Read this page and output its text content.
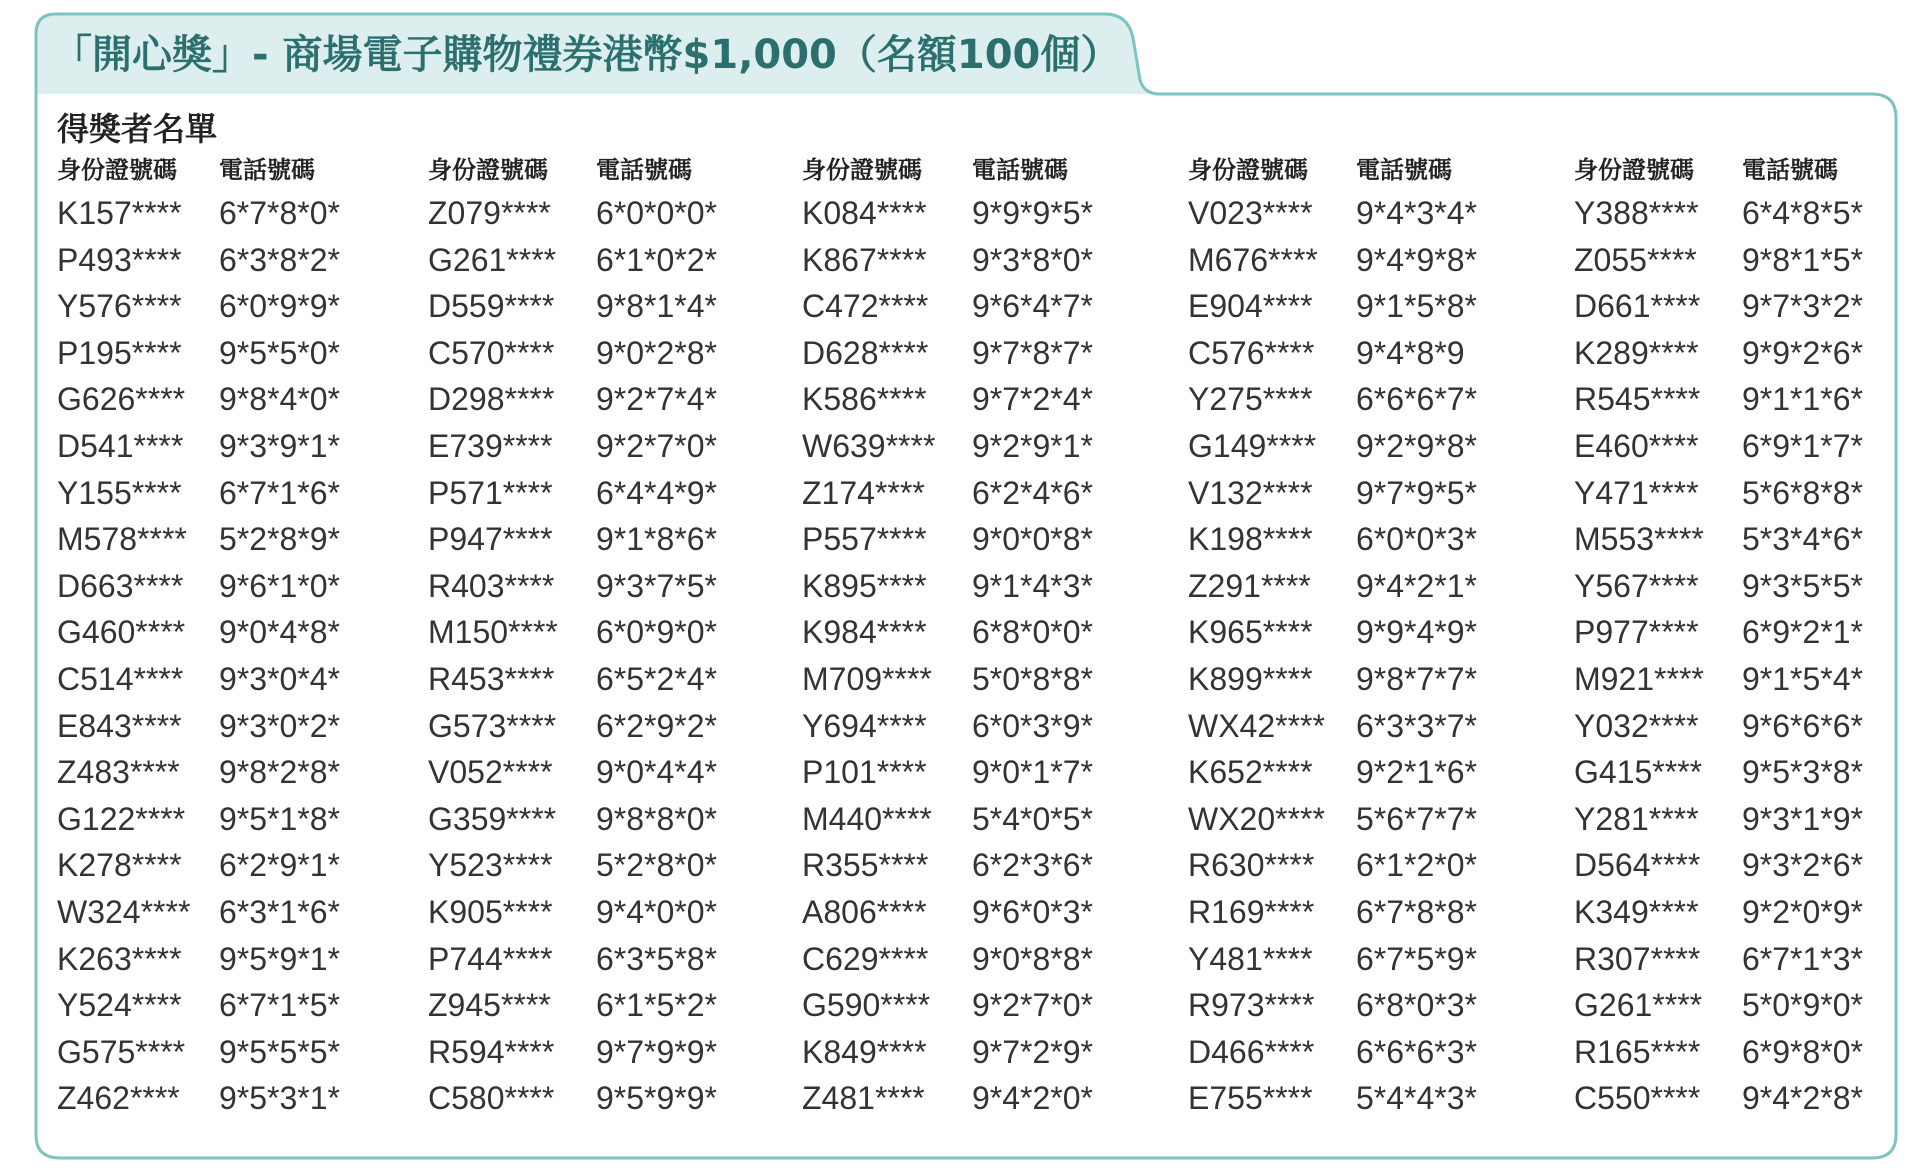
「開心獎」- 商場電子購物禮券港幣$1,000（名額100個）
得獎者名單
身份證號碼 電話號碼
K157**** 6*7*8*0*
P493**** 6*3*8*2*
Y576**** 6*0*9*9*
P195**** 9*5*5*0*
G626**** 9*8*4*0*
D541**** 9*3*9*1*
Y155**** 6*7*1*6*
M578**** 5*2*8*9*
D663**** 9*6*1*0*
G460**** 9*0*4*8*
C514**** 9*3*0*4*
E843**** 9*3*0*2*
Z483**** 9*8*2*8*
G122**** 9*5*1*8*
K278**** 6*2*9*1*
W324**** 6*3*1*6*
K263**** 9*5*9*1*
Y524**** 6*7*1*5*
G575**** 9*5*5*5*
Z462**** 9*5*3*1*
身份證號碼 電話號碼
Z079**** 6*0*0*0*
G261**** 6*1*0*2*
D559**** 9*8*1*4*
C570**** 9*0*2*8*
D298**** 9*2*7*4*
E739**** 9*2*7*0*
P571**** 6*4*4*9*
P947**** 9*1*8*6*
R403**** 9*3*7*5*
M150**** 6*0*9*0*
R453**** 6*5*2*4*
G573**** 6*2*9*2*
V052**** 9*0*4*4*
G359**** 9*8*8*0*
Y523**** 5*2*8*0*
K905**** 9*4*0*0*
P744**** 6*3*5*8*
Z945**** 6*1*5*2*
R594**** 9*7*9*9*
C580**** 9*5*9*9*
身份證號碼 電話號碼
K084**** 9*9*9*5*
K867**** 9*3*8*0*
C472**** 9*6*4*7*
D628**** 9*7*8*7*
K586**** 9*7*2*4*
W639**** 9*2*9*1*
Z174**** 6*2*4*6*
P557**** 9*0*0*8*
K895**** 9*1*4*3*
K984**** 6*8*0*0*
M709**** 5*0*8*8*
Y694**** 6*0*3*9*
P101**** 9*0*1*7*
M440**** 5*4*0*5*
R355**** 6*2*3*6*
A806**** 9*6*0*3*
C629**** 9*0*8*8*
G590**** 9*2*7*0*
K849**** 9*7*2*9*
Z481**** 9*4*2*0*
身份證號碼 電話號碼
V023**** 9*4*3*4*
M676**** 9*4*9*8*
E904**** 9*1*5*8*
C576**** 9*4*8*9
Y275**** 6*6*6*7*
G149**** 9*2*9*8*
V132**** 9*7*9*5*
K198**** 6*0*0*3*
Z291**** 9*4*2*1*
K965**** 9*9*4*9*
K899**** 9*8*7*7*
WX42**** 6*3*3*7*
K652**** 9*2*1*6*
WX20**** 5*6*7*7*
R630**** 6*1*2*0*
R169**** 6*7*8*8*
Y481**** 6*7*5*9*
R973**** 6*8*0*3*
D466**** 6*6*6*3*
E755**** 5*4*4*3*
身份證號碼 電話號碼
Y388**** 6*4*8*5*
Z055**** 9*8*1*5*
D661**** 9*7*3*2*
K289**** 9*9*2*6*
R545**** 9*1*1*6*
E460**** 6*9*1*7*
Y471**** 5*6*8*8*
M553**** 5*3*4*6*
Y567**** 9*3*5*5*
P977**** 6*9*2*1*
M921**** 9*1*5*4*
Y032**** 9*6*6*6*
G415**** 9*5*3*8*
Y281**** 9*3*1*9*
D564**** 9*3*2*6*
K349**** 9*2*0*9*
R307**** 6*7*1*3*
G261**** 5*0*9*0*
R165**** 6*9*8*0*
C550**** 9*4*2*8*
